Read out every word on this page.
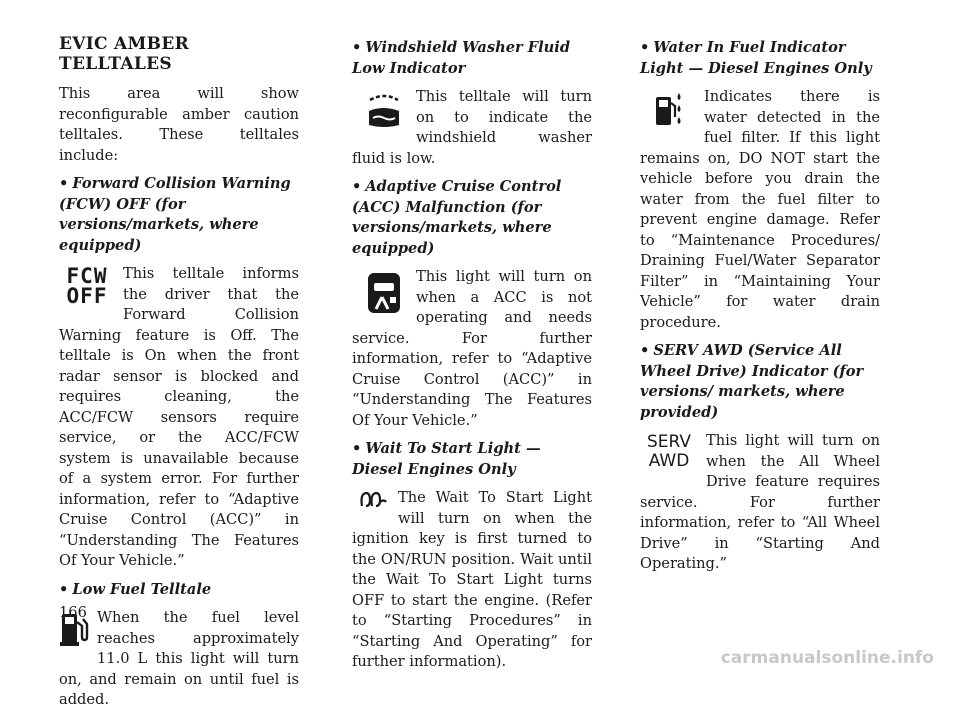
EVIC AMBER TELLTALES

This area will show reconfigurable amber caution telltales. These telltales include:

• Forward Collision Warning (FCW) OFF (for versions/markets, where equipped)

FCW
OFF
This telltale informs the driver that the Forward Collision Warning feature is Off. The telltale is On when the front radar sensor is blocked and requires cleaning, the ACC/FCW sensors require service, or the ACC/FCW system is unavailable because of a system error. For further information, refer to “Adaptive Cruise Control (ACC)” in “Understanding The Features Of Your Vehicle.”

• Low Fuel Telltale

When the fuel level reaches approximately 11.0 L this light will turn on, and remain on until fuel is added.

• Windshield Washer Fluid Low Indicator

This telltale will turn on to indicate the windshield washer fluid is low.

• Adaptive Cruise Control (ACC) Malfunction (for versions/markets, where equipped)

This light will turn on when a ACC is not operating and needs service. For further information, refer to “Adaptive Cruise Control (ACC)” in “Understanding The Features Of Your Vehicle.”

• Wait To Start Light — Diesel Engines Only

The Wait To Start Light will turn on when the ignition key is first turned to the ON/RUN position. Wait until the Wait To Start Light turns OFF to start the engine. (Refer to “Starting Procedures” in “Starting And Operating” for further information).

• Water In Fuel Indicator Light — Diesel Engines Only

Indicates there is water detected in the fuel filter. If this light remains on, DO NOT start the vehicle before you drain the water from the fuel filter to prevent engine damage. Refer to “Maintenance Procedures/ Draining Fuel/Water Separator Filter” in “Maintaining Your Vehicle” for water drain procedure.

• SERV AWD (Service All Wheel Drive) Indicator (for versions/ markets, where provided)

SERV
AWD
This light will turn on when the All Wheel Drive feature requires service. For further information, refer to “All Wheel Drive” in “Starting And Operating.”

166
carmanualsonline.info
